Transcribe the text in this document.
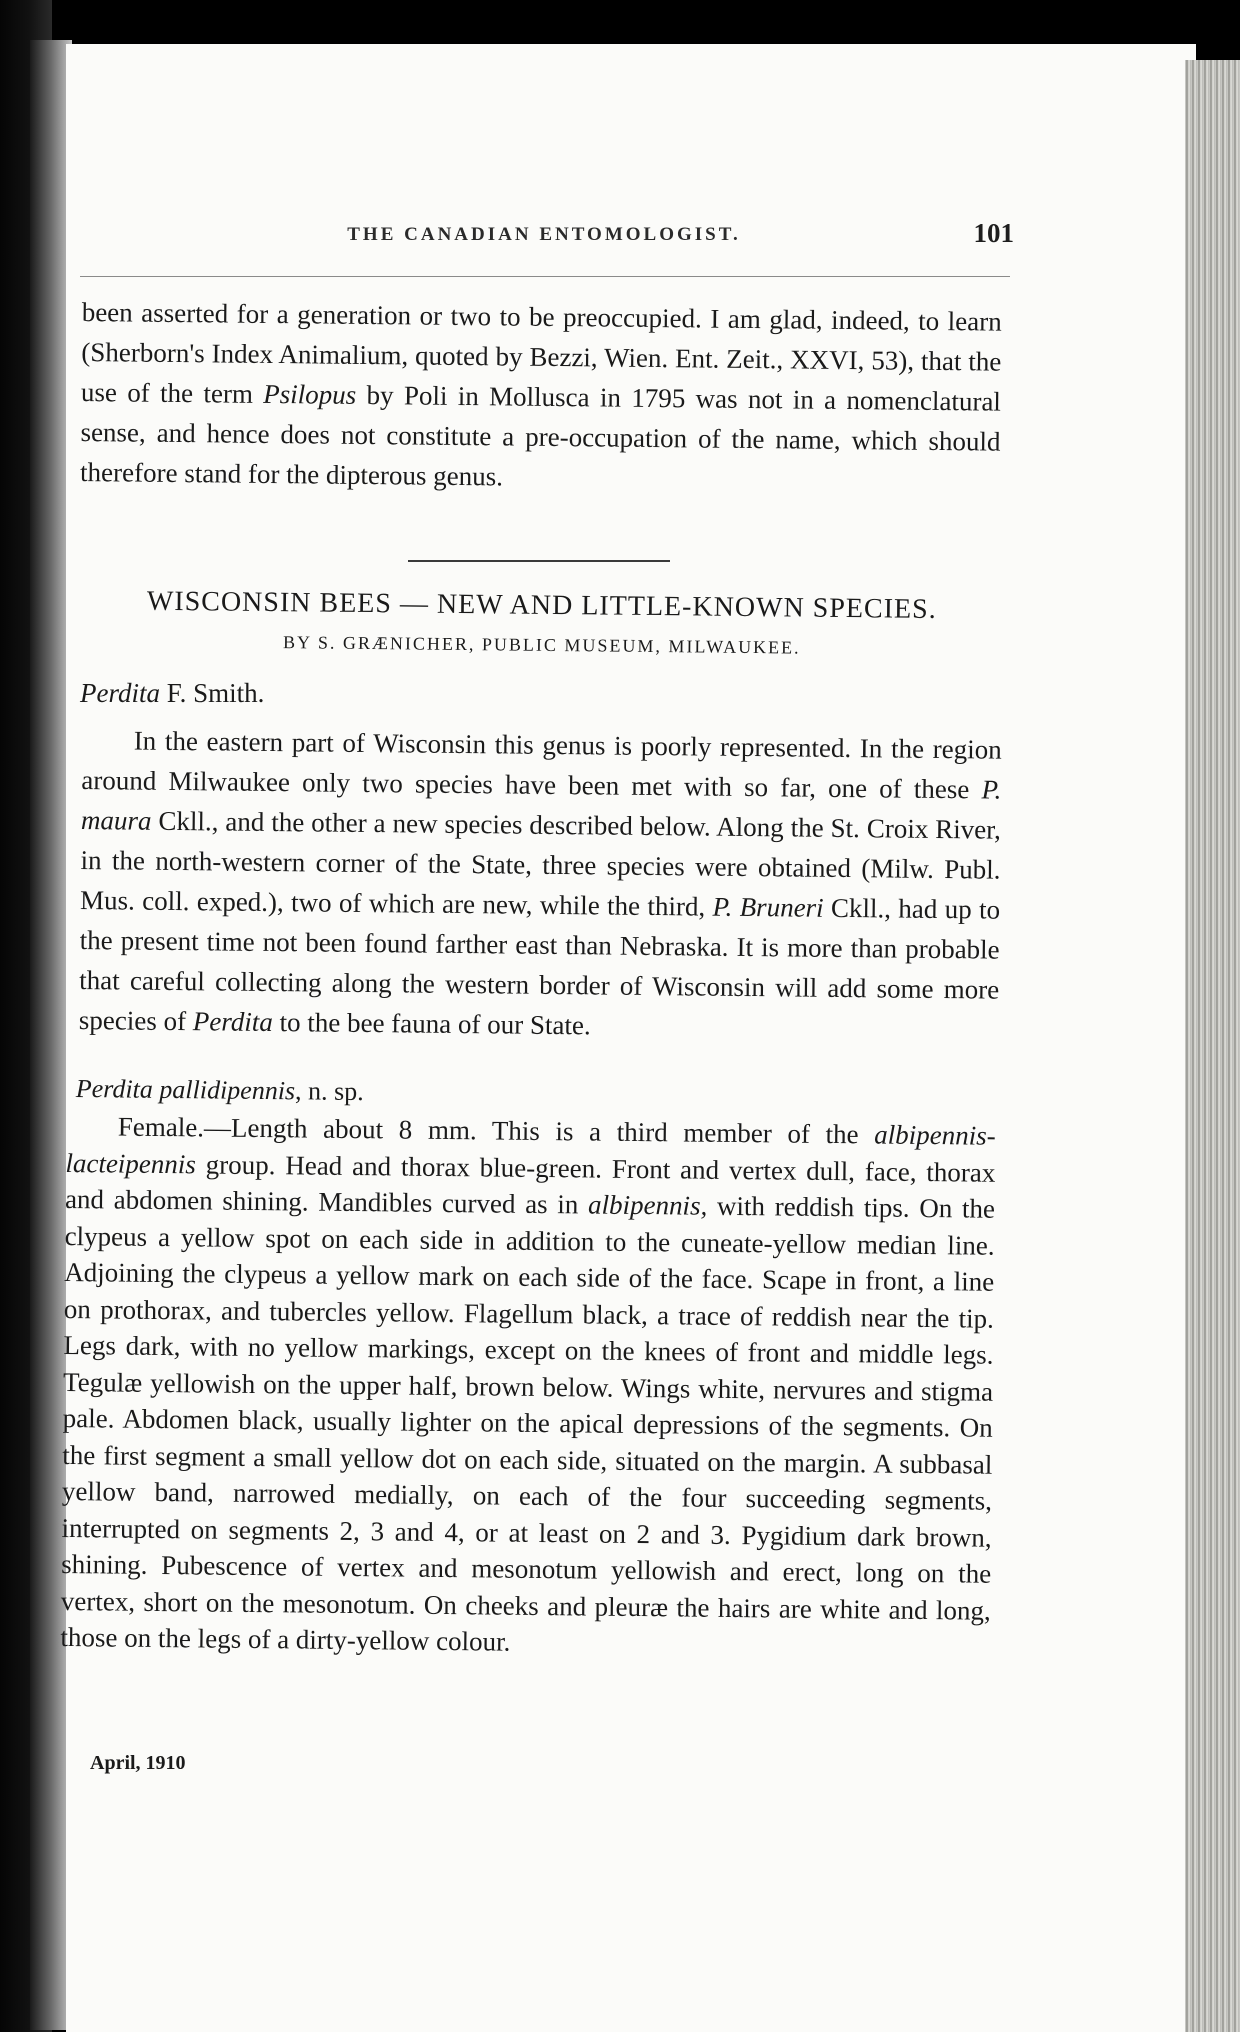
THE CANADIAN ENTOMOLOGIST.	101
been asserted for a generation or two to be preoccupied. I am glad, indeed, to learn (Sherborn's Index Animalium, quoted by Bezzi, Wien. Ent. Zeit., XXVI, 53), that the use of the term Psilopus by Poli in Mollusca in 1795 was not in a nomenclatural sense, and hence does not constitute a pre-occupation of the name, which should therefore stand for the dipterous genus.
WISCONSIN BEES — NEW AND LITTLE-KNOWN SPECIES.
BY S. GRÆNICHER, PUBLIC MUSEUM, MILWAUKEE.
Perdita F. Smith.
In the eastern part of Wisconsin this genus is poorly represented. In the region around Milwaukee only two species have been met with so far, one of these P. maura Ckll., and the other a new species described below. Along the St. Croix River, in the north-western corner of the State, three species were obtained (Milw. Publ. Mus. coll. exped.), two of which are new, while the third, P. Bruneri Ckll., had up to the present time not been found farther east than Nebraska. It is more than probable that careful collecting along the western border of Wisconsin will add some more species of Perdita to the bee fauna of our State.
Perdita pallidipennis, n. sp.
Female.—Length about 8 mm. This is a third member of the albipennis-lacteipennis group. Head and thorax blue-green. Front and vertex dull, face, thorax and abdomen shining. Mandibles curved as in albipennis, with reddish tips. On the clypeus a yellow spot on each side in addition to the cuneate-yellow median line. Adjoining the clypeus a yellow mark on each side of the face. Scape in front, a line on prothorax, and tubercles yellow. Flagellum black, a trace of reddish near the tip. Legs dark, with no yellow markings, except on the knees of front and middle legs. Tegulæ yellowish on the upper half, brown below. Wings white, nervures and stigma pale. Abdomen black, usually lighter on the apical depressions of the segments. On the first segment a small yellow dot on each side, situated on the margin. A subbasal yellow band, narrowed medially, on each of the four succeeding segments, interrupted on segments 2, 3 and 4, or at least on 2 and 3. Pygidium dark brown, shining. Pubescence of vertex and mesonotum yellowish and erect, long on the vertex, short on the mesonotum. On cheeks and pleuræ the hairs are white and long, those on the legs of a dirty-yellow colour.
April, 1910
